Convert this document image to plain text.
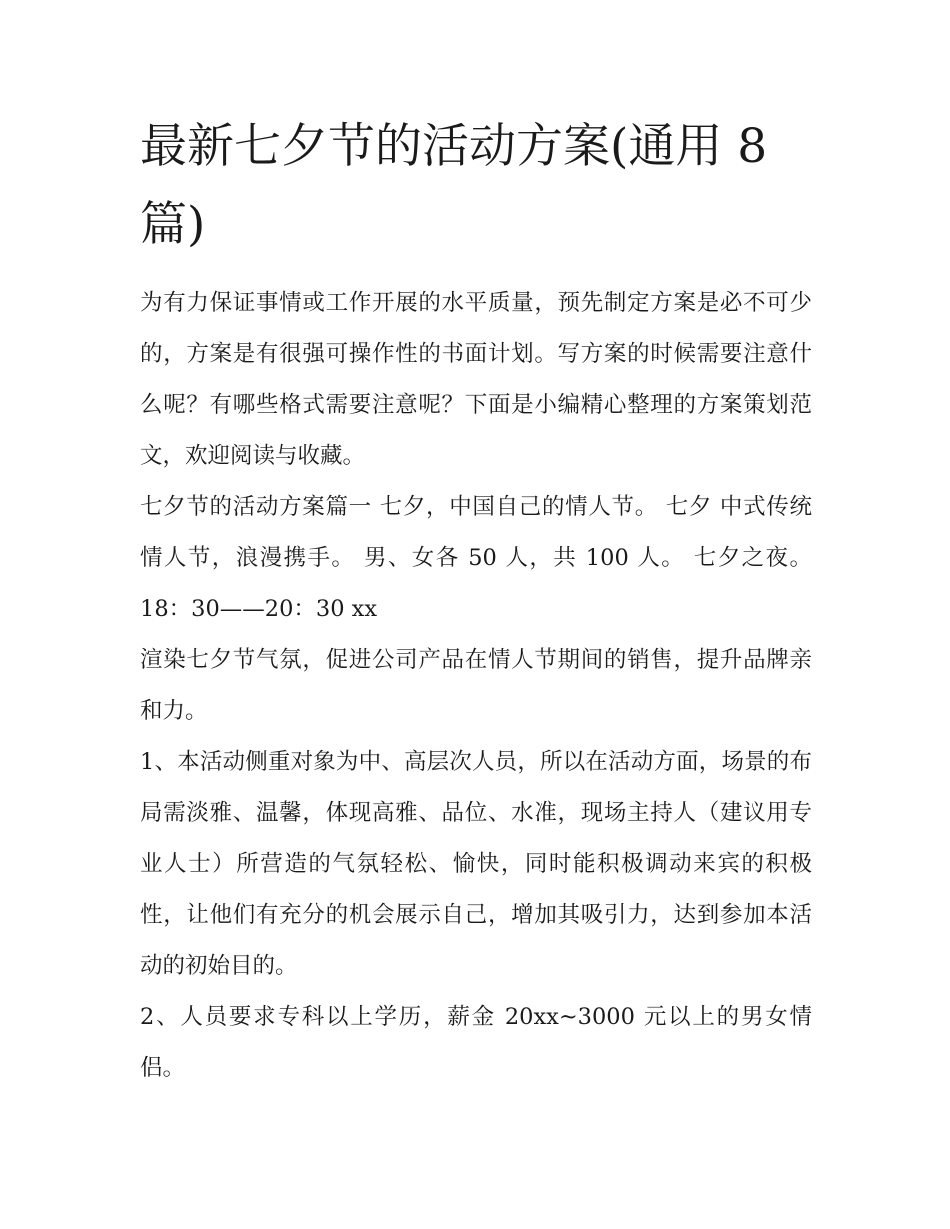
最新七夕节的活动方案(通用 8 篇)

为有力保证事情或工作开展的水平质量，预先制定方案是必不可少的，方案是有很强可操作性的书面计划。写方案的时候需要注意什么呢？有哪些格式需要注意呢？下面是小编精心整理的方案策划范文，欢迎阅读与收藏。

七夕节的活动方案篇一 七夕，中国自己的情人节。 七夕 中式传统情人节，浪漫携手。 男、女各 50 人，共 100 人。 七夕之夜。18：30——20：30 xx

渲染七夕节气氛，促进公司产品在情人节期间的销售，提升品牌亲和力。

1、本活动侧重对象为中、高层次人员，所以在活动方面，场景的布局需淡雅、温馨，体现高雅、品位、水准，现场主持人（建议用专业人士）所营造的气氛轻松、愉快，同时能积极调动来宾的积极性，让他们有充分的机会展示自己，增加其吸引力，达到参加本活动的初始目的。

2、人员要求专科以上学历，薪金 20xx~3000 元以上的男女情侣。
